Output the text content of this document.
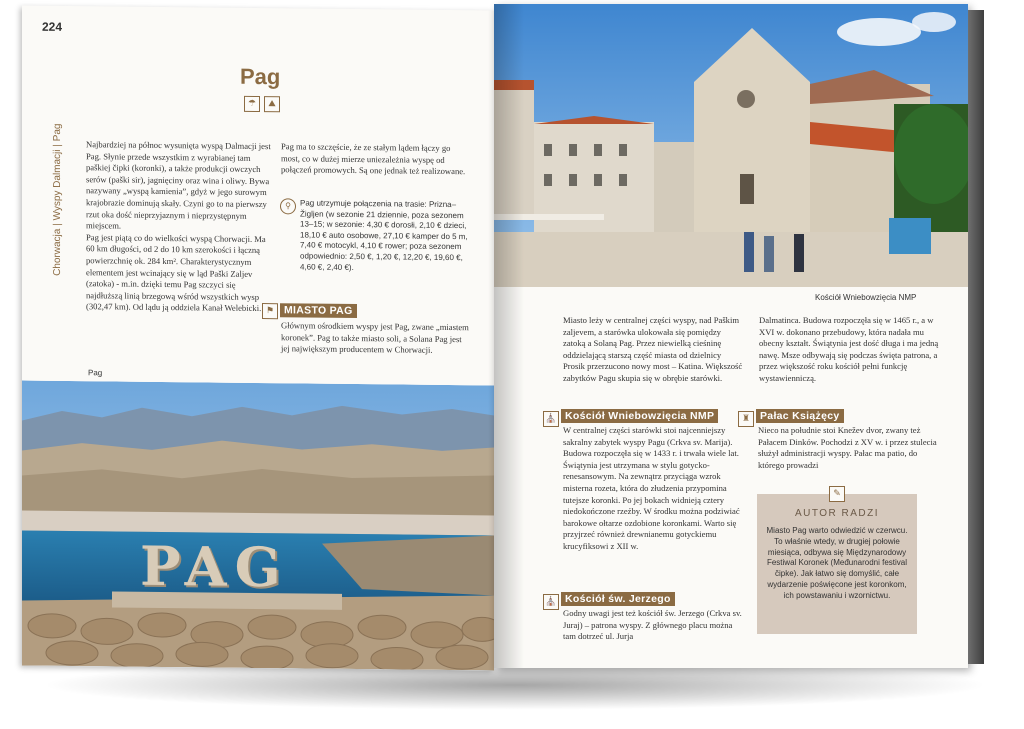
224
Chorwacja | Wyspy Dalmacji | Pag
Pag
☂ ⛰

Najbardziej na północ wysunięta wyspą Dalmacji jest Pag. Słynie przede wszystkim z wyrabianej tam paškiej čipki (koronki), a także produkcji owczych serów (paški sir), jagnięciny oraz wina i oliwy. Bywa nazywany „wyspą kamienia”, gdyż w jego surowym krajobrazie dominują skały. Czyni go to na pierwszy rzut oka dość nieprzyjaznym i nieprzystępnym miejscem.

Pag jest piątą co do wielkości wyspą Chorwacji. Ma 60 km długości, od 2 do 10 km szerokości i łączną powierzchnię ok. 284 km². Charakterystycznym elementem jest wcinający się w ląd Paški Zaljev (zatoka) - m.in. dzięki temu Pag szczyci się najdłuższą linią brzegową wśród wszystkich wysp (302,47 km). Od lądu ją oddziela Kanał Welebicki.

Pag ma to szczęście, że ze stałym lądem łączy go most, co w dużej mierze uniezależnia wyspę od połączeń promowych. Są one jednak też realizowane.

⚲	Pag utrzymuje połączenia na trasie: Prizna–Žigljen (w sezonie 21 dziennie, poza sezonem 13–15; w sezonie: 4,30 € dorosłi, 2,10 € dzieci, 18,10 € auto osobowe, 27,10 € kamper do 5 m, 7,40 € motocykl, 4,10 € rower; poza sezonem odpowiednio: 2,50 €, 1,20 €, 12,20 €, 19,60 €, 4,60 €, 2,40 €).
⚑ MIASTO PAG
Głównym ośrodkiem wyspy jest Pag, zwane „miastem koronek”. Pag to także miasto soli, a Solana Pag jest jej największym producentem w Chorwacji.
Pag
PAG
Kościół Wniebowzięcia NMP
Miasto leży w centralnej części wyspy, nad Paškim zaljevem, a starówka ulokowała się pomiędzy zatoką a Solaną Pag. Przez niewielką cieśninę oddzielającą starszą część miasta od dzielnicy Prosik przerzucono nowy most – Katina. Większość zabytków Pagu skupia się w obrębie starówki.
⛪ Kościół Wniebowzięcia NMP
W centralnej części starówki stoi najcenniejszy sakralny zabytek wyspy Pagu (Crkva sv. Marija). Budowa rozpoczęła się w 1433 r. i trwała wiele lat. Świątynia jest utrzymana w stylu gotycko-renesansowym. Na zewnątrz przyciąga wzrok misterna rozeta, która do złudzenia przypomina tutejsze koronki. Po jej bokach widnieją cztery niedokończone rzeźby. W środku można podziwiać barokowe ołtarze ozdobione koronkami. Warto się przyjrzeć również drewnianemu gotyckiemu krucyfiksowi z XII w.
⛪ Kościół św. Jerzego
Godny uwagi jest też kościół św. Jerzego (Crkva sv. Juraj) – patrona wyspy. Z głównego placu można tam dotrzeć ul. Jurja
Dalmatinca. Budowa rozpoczęła się w 1465 r., a w XVI w. dokonano przebudowy, która nadała mu obecny kształt. Świątynia jest dość długa i ma jedną nawę. Msze odbywają się podczas święta patrona, a przez większość roku kościół pełni funkcję wystawienniczą.
♜ Pałac Książęcy
Nieco na południe stoi Knežev dvor, zwany też Pałacem Dinków. Pochodzi z XV w. i przez stulecia służył administracji wyspy. Pałac ma patio, do którego prowadzi
✎
AUTOR RADZI
Miasto Pag warto odwiedzić w czerwcu. To właśnie wtedy, w drugiej połowie miesiąca, odbywa się Międzynarodowy Festiwal Koronek (Međunarodni festival čipke). Jak łatwo się domyślić, całe wydarzenie poświęcone jest koronkom, ich powstawaniu i wzornictwu.
